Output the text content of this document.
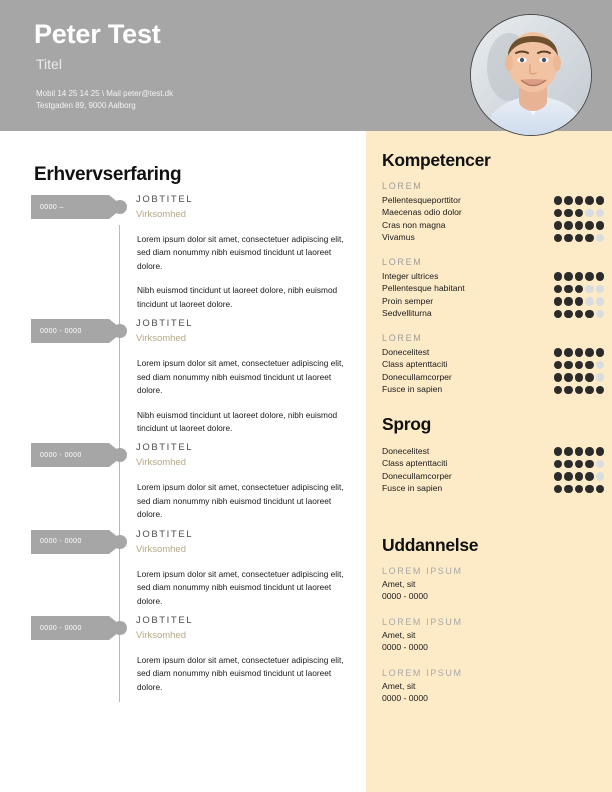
Peter Test
Titel
Mobil 14 25 14 25 \ Mail peter@test.dk
Testgaden 89, 9000 Aalborg
Erhvervserfaring
0000 –
JOBTITEL
Virksomhed

Lorem ipsum dolor sit amet, consectetuer adipiscing elit, sed diam nonummy nibh euismod tincidunt ut laoreet dolore.

Nibh euismod tincidunt ut laoreet dolore, nibh euismod tincidunt ut laoreet dolore.

0000 - 0000
JOBTITEL
Virksomhed

Lorem ipsum dolor sit amet, consectetuer adipiscing elit, sed diam nonummy nibh euismod tincidunt ut laoreet dolore.

Nibh euismod tincidunt ut laoreet dolore, nibh euismod tincidunt ut laoreet dolore.

0000 - 0000
JOBTITEL
Virksomhed

Lorem ipsum dolor sit amet, consectetuer adipiscing elit, sed diam nonummy nibh euismod tincidunt ut laoreet dolore.

0000 - 0000
JOBTITEL
Virksomhed

Lorem ipsum dolor sit amet, consectetuer adipiscing elit, sed diam nonummy nibh euismod tincidunt ut laoreet dolore.

0000 - 0000
JOBTITEL
Virksomhed

Lorem ipsum dolor sit amet, consectetuer adipiscing elit, sed diam nonummy nibh euismod tincidunt ut laoreet dolore.

Kompetencer
LOREM
Pellentesqueporttitor
Maecenas odio dolor
Cras non magna
Vivamus
LOREM
Integer ultrices
Pellentesque habitant
Proin semper
Sedvelliturna
LOREM
Donecelitest
Class aptenttaciti
Donecullamcorper
Fusce in sapien
Sprog
Donecelitest
Class aptenttaciti
Donecullamcorper
Fusce in sapien
Uddannelse
LOREM IPSUM
Amet, sit
0000 - 0000
LOREM IPSUM
Amet, sit
0000 - 0000
LOREM IPSUM
Amet, sit
0000 - 0000
